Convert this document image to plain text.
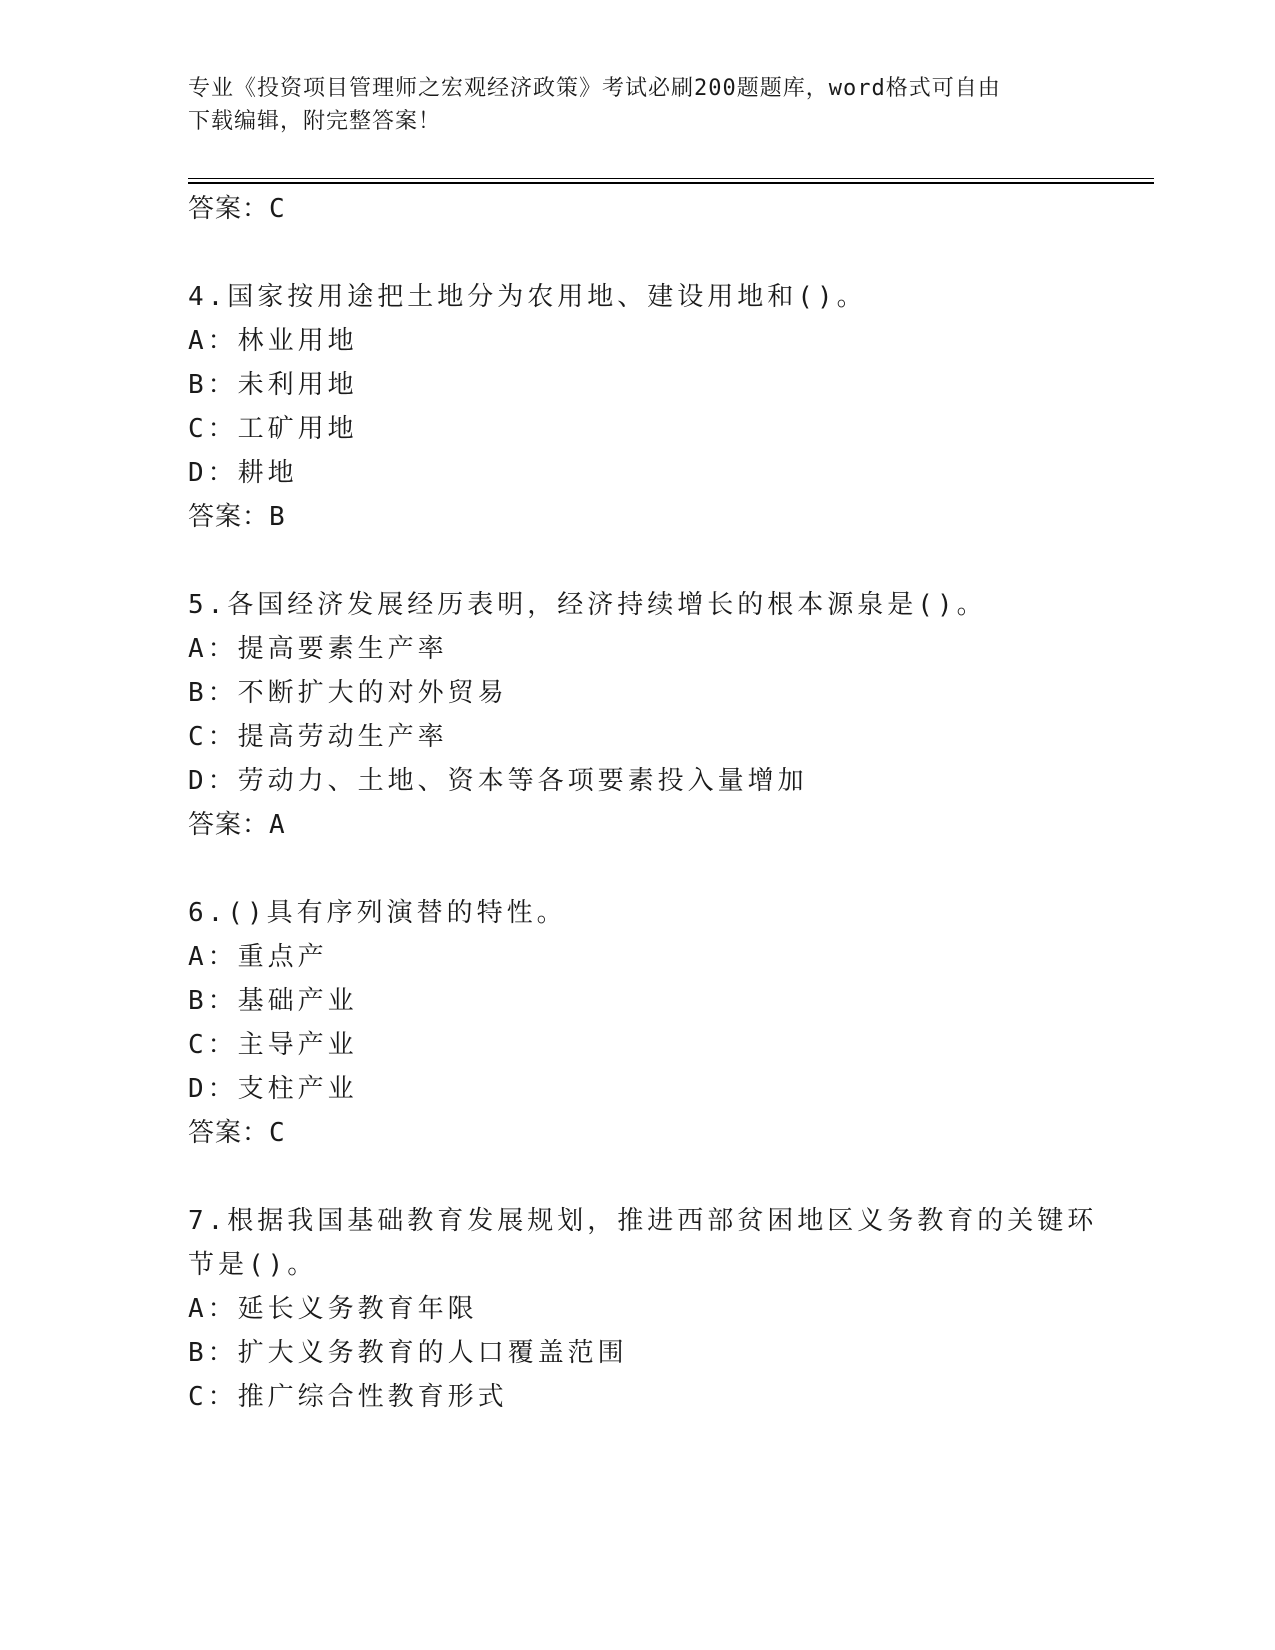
专业《投资项目管理师之宏观经济政策》考试必刷200题题库，word格式可自由
下载编辑，附完整答案！
答案：C
4.国家按用途把土地分为农用地、建设用地和()。
A：林业用地
B：未利用地
C：工矿用地
D：耕地
答案：B
5.各国经济发展经历表明，经济持续增长的根本源泉是()。
A：提高要素生产率
B：不断扩大的对外贸易
C：提高劳动生产率
D：劳动力、土地、资本等各项要素投入量增加
答案：A
6.()具有序列演替的特性。
A：重点产
B：基础产业
C：主导产业
D：支柱产业
答案：C
7.根据我国基础教育发展规划，推进西部贫困地区义务教育的关键环
节是()。
A：延长义务教育年限
B：扩大义务教育的人口覆盖范围
C：推广综合性教育形式
